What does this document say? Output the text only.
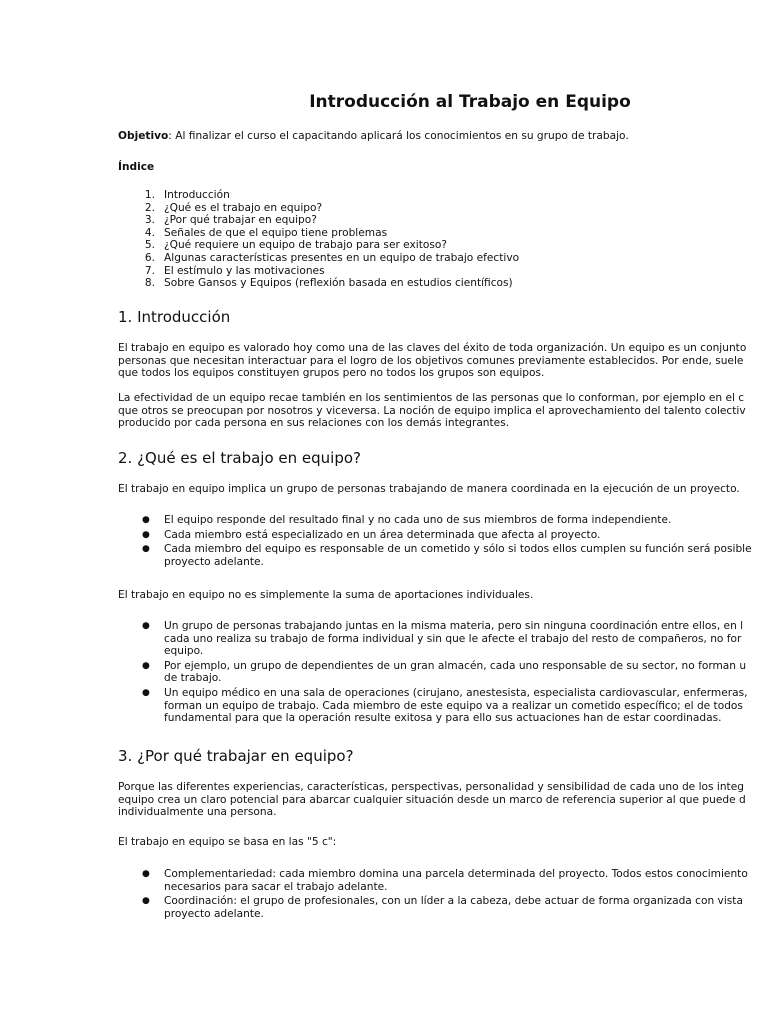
Introducción al Trabajo en Equipo
Objetivo: Al finalizar el curso el capacitando aplicará los conocimientos en su grupo de trabajo.
Índice
1. Introducción
2. ¿Qué es el trabajo en equipo?
3. ¿Por qué trabajar en equipo?
4. Señales de que el equipo tiene problemas
5. ¿Qué requiere un equipo de trabajo para ser exitoso?
6. Algunas características presentes en un equipo de trabajo efectivo
7. El estímulo y las motivaciones
8. Sobre Gansos y Equipos (reflexión basada en estudios científicos)
1. Introducción
El trabajo en equipo es valorado hoy como una de las claves del éxito de toda organización. Un equipo es un conjunto
personas que necesitan interactuar para el logro de los objetivos comunes previamente establecidos. Por ende, suele
que todos los equipos constituyen grupos pero no todos los grupos son equipos.
La efectividad de un equipo recae también en los sentimientos de las personas que lo conforman, por ejemplo en el c
que otros se preocupan por nosotros y viceversa. La noción de equipo implica el aprovechamiento del talento colectiv
producido por cada persona en sus relaciones con los demás integrantes.
2. ¿Qué es el trabajo en equipo?
El trabajo en equipo implica un grupo de personas trabajando de manera coordinada en la ejecución de un proyecto.
● El equipo responde del resultado final y no cada uno de sus miembros de forma independiente.
● Cada miembro está especializado en un área determinada que afecta al proyecto.
● Cada miembro del equipo es responsable de un cometido y sólo si todos ellos cumplen su función será posible
proyecto adelante.
El trabajo en equipo no es simplemente la suma de aportaciones individuales.
● Un grupo de personas trabajando juntas en la misma materia, pero sin ninguna coordinación entre ellos, en l
cada uno realiza su trabajo de forma individual y sin que le afecte el trabajo del resto de compañeros, no for
equipo.
● Por ejemplo, un grupo de dependientes de un gran almacén, cada uno responsable de su sector, no forman u
de trabajo.
● Un equipo médico en una sala de operaciones (cirujano, anestesista, especialista cardiovascular, enfermeras,
forman un equipo de trabajo. Cada miembro de este equipo va a realizar un cometido específico; el de todos
fundamental para que la operación resulte exitosa y para ello sus actuaciones han de estar coordinadas.
3. ¿Por qué trabajar en equipo?
Porque las diferentes experiencias, características, perspectivas, personalidad y sensibilidad de cada uno de los integ
equipo crea un claro potencial para abarcar cualquier situación desde un marco de referencia superior al que puede d
individualmente una persona.
El trabajo en equipo se basa en las "5 c":
● Complementariedad: cada miembro domina una parcela determinada del proyecto. Todos estos conocimiento
necesarios para sacar el trabajo adelante.
● Coordinación: el grupo de profesionales, con un líder a la cabeza, debe actuar de forma organizada con vista
proyecto adelante.
